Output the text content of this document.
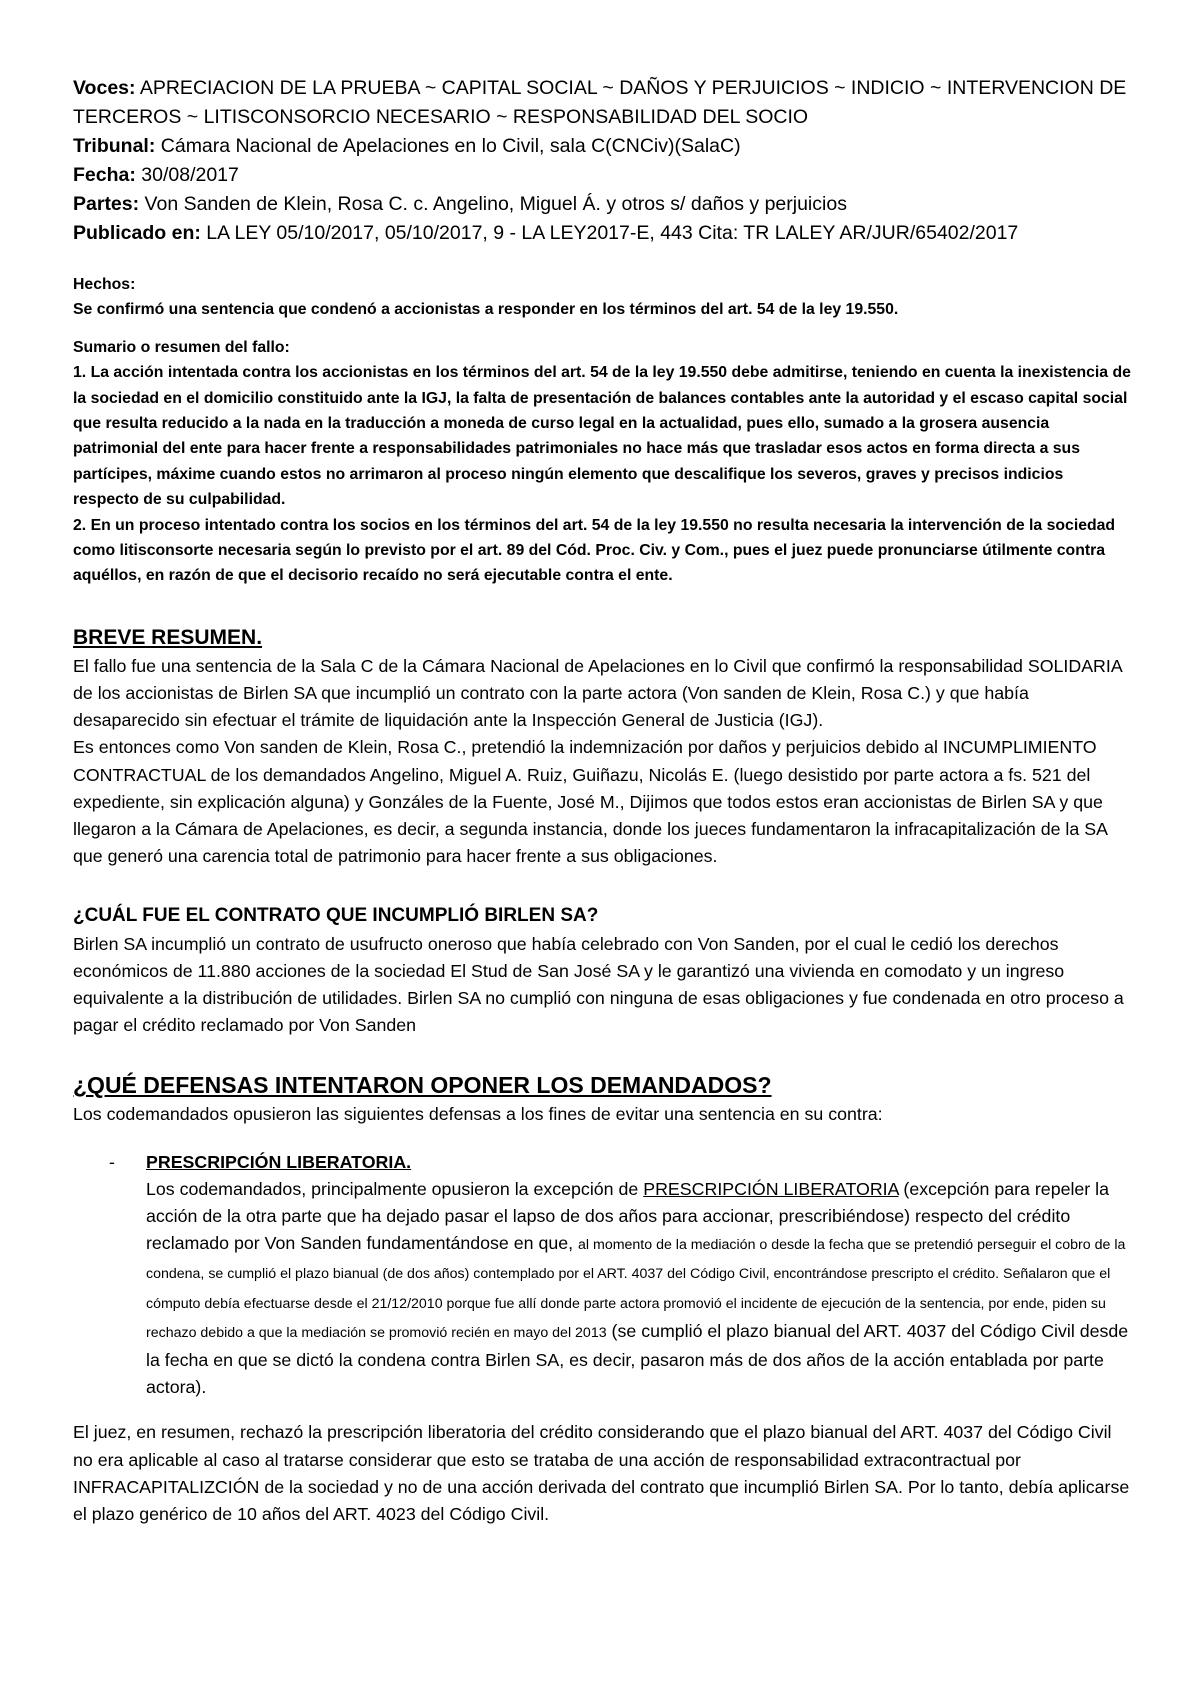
Voces: APRECIACION DE LA PRUEBA ~ CAPITAL SOCIAL ~ DAÑOS Y PERJUICIOS ~ INDICIO ~ INTERVENCION DE TERCEROS ~ LITISCONSORCIO NECESARIO ~ RESPONSABILIDAD DEL SOCIO
Tribunal: Cámara Nacional de Apelaciones en lo Civil, sala C(CNCiv)(SalaC)
Fecha: 30/08/2017
Partes: Von Sanden de Klein, Rosa C. c. Angelino, Miguel Á. y otros s/ daños y perjuicios
Publicado en: LA LEY 05/10/2017, 05/10/2017, 9 - LA LEY2017-E, 443 Cita: TR LALEY AR/JUR/65402/2017

Hechos:

Se confirmó una sentencia que condenó a accionistas a responder en los términos del art. 54 de la ley 19.550.

Sumario o resumen del fallo:

1. La acción intentada contra los accionistas en los términos del art. 54 de la ley 19.550 debe admitirse, teniendo en cuenta la inexistencia de la sociedad en el domicilio constituido ante la IGJ, la falta de presentación de balances contables ante la autoridad y el escaso capital social que resulta reducido a la nada en la traducción a moneda de curso legal en la actualidad, pues ello, sumado a la grosera ausencia patrimonial del ente para hacer frente a responsabilidades patrimoniales no hace más que trasladar esos actos en forma directa a sus partícipes, máxime cuando estos no arrimaron al proceso ningún elemento que descalifique los severos, graves y precisos indicios respecto de su culpabilidad.

2. En un proceso intentado contra los socios en los términos del art. 54 de la ley 19.550 no resulta necesaria la intervención de la sociedad como litisconsorte necesaria según lo previsto por el art. 89 del Cód. Proc. Civ. y Com., pues el juez puede pronunciarse útilmente contra aquéllos, en razón de que el decisorio recaído no será ejecutable contra el ente.

BREVE RESUMEN.

El fallo fue una sentencia de la Sala C de la Cámara Nacional de Apelaciones en lo Civil que confirmó la responsabilidad SOLIDARIA de los accionistas de Birlen SA que incumplió un contrato con la parte actora (Von sanden de Klein, Rosa C.) y que había desaparecido sin efectuar el trámite de liquidación ante la Inspección General de Justicia (IGJ).

Es entonces como Von sanden de Klein, Rosa C., pretendió la indemnización por daños y perjuicios debido al INCUMPLIMIENTO CONTRACTUAL de los demandados Angelino, Miguel A. Ruiz, Guiñazu, Nicolás E. (luego desistido por parte actora a fs. 521 del expediente, sin explicación alguna) y Gonzáles de la Fuente, José M., Dijimos que todos estos eran accionistas de Birlen SA y que llegaron a la Cámara de Apelaciones, es decir, a segunda instancia, donde los jueces fundamentaron la infracapitalización de la SA que generó una carencia total de patrimonio para hacer frente a sus obligaciones.

¿CUÁL FUE EL CONTRATO QUE INCUMPLIÓ BIRLEN SA?

Birlen SA incumplió un contrato de usufructo oneroso que había celebrado con Von Sanden, por el cual le cedió los derechos económicos de 11.880 acciones de la sociedad El Stud de San José SA y le garantizó una vivienda en comodato y un ingreso equivalente a la distribución de utilidades. Birlen SA no cumplió con ninguna de esas obligaciones y fue condenada en otro proceso a pagar el crédito reclamado por Von Sanden

¿QUÉ DEFENSAS INTENTARON OPONER LOS DEMANDADOS?

Los codemandados opusieron las siguientes defensas a los fines de evitar una sentencia en su contra:

- PRESCRIPCIÓN LIBERATORIA.
Los codemandados, principalmente opusieron la excepción de PRESCRIPCIÓN LIBERATORIA (excepción para repeler la acción de la otra parte que ha dejado pasar el lapso de dos años para accionar, prescribiéndose) respecto del crédito reclamado por Von Sanden fundamentándose en que, al momento de la mediación o desde la fecha que se pretendió perseguir el cobro de la condena, se cumplió el plazo bianual (de dos años) contemplado por el ART. 4037 del Código Civil, encontrándose prescripto el crédito. Señalaron que el cómputo debía efectuarse desde el 21/12/2010 porque fue allí donde parte actora promovió el incidente de ejecución de la sentencia, por ende, piden su rechazo debido a que la mediación se promovió recién en mayo del 2013 (se cumplió el plazo bianual del ART. 4037 del Código Civil desde la fecha en que se dictó la condena contra Birlen SA, es decir, pasaron más de dos años de la acción entablada por parte actora).

El juez, en resumen, rechazó la prescripción liberatoria del crédito considerando que el plazo bianual del ART. 4037 del Código Civil no era aplicable al caso al tratarse considerar que esto se trataba de una acción de responsabilidad extracontractual por INFRACAPITALIZCIÓN de la sociedad y no de una acción derivada del contrato que incumplió Birlen SA. Por lo tanto, debía aplicarse el plazo genérico de 10 años del ART. 4023 del Código Civil.
